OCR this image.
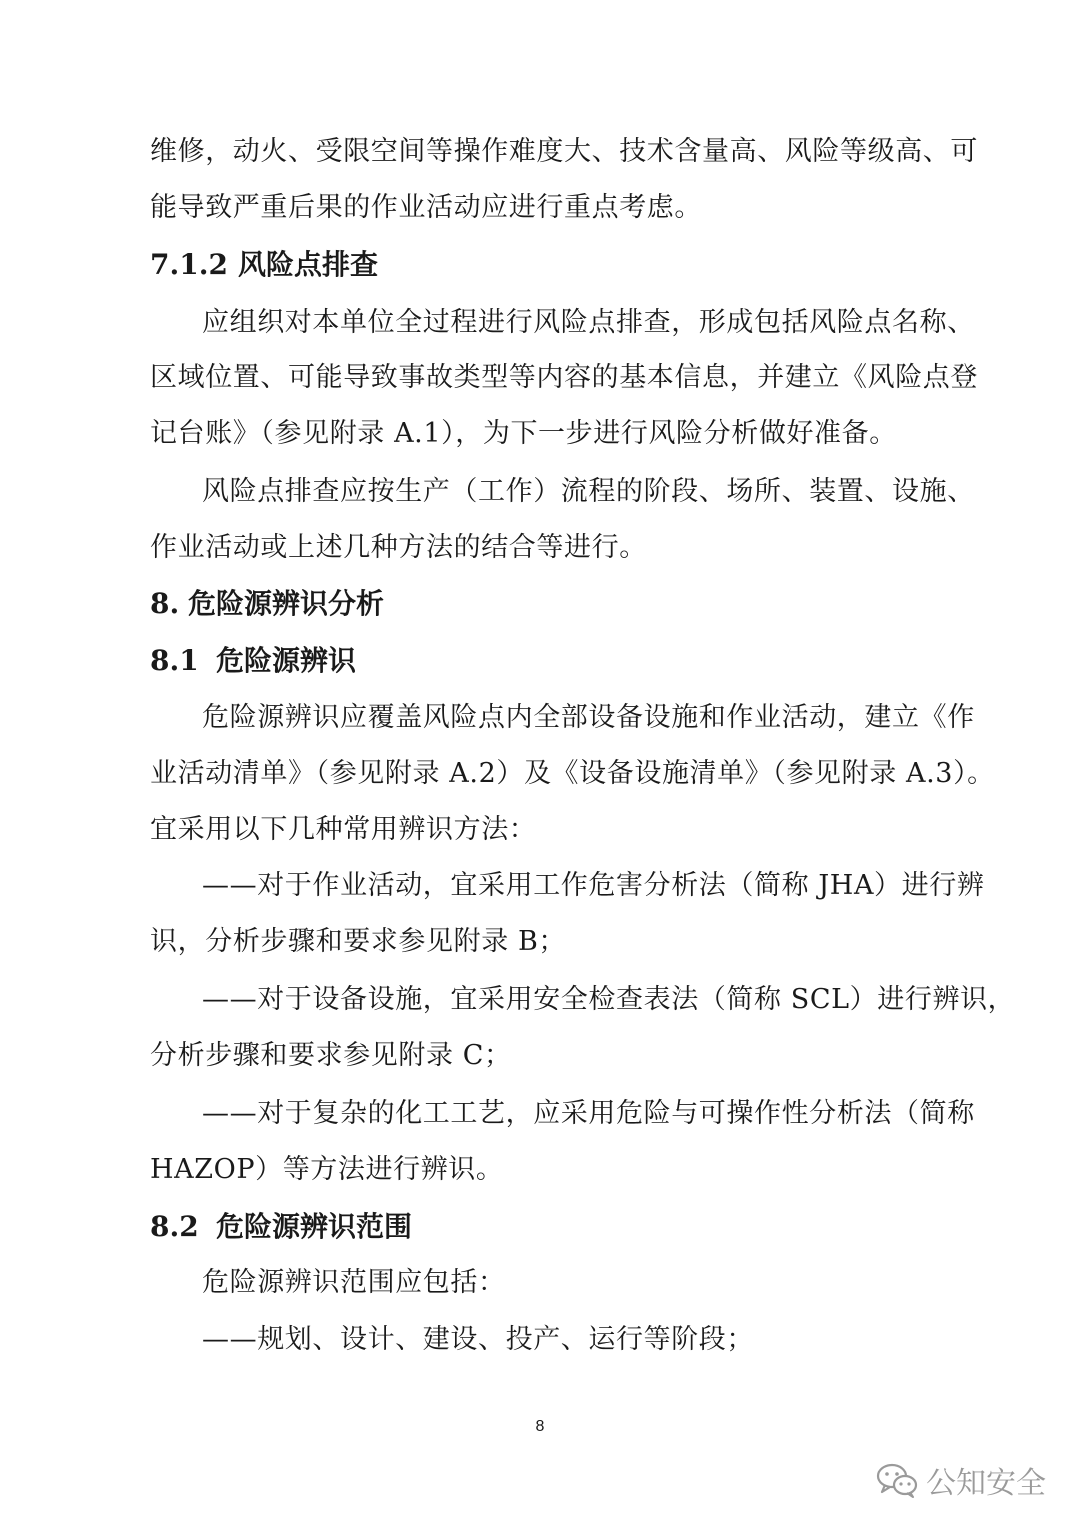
维修，动火、受限空间等操作难度大、技术含量高、风险等级高、可
能导致严重后果的作业活动应进行重点考虑。
7.1.2 风险点排查
应组织对本单位全过程进行风险点排查，形成包括风险点名称、
区域位置、可能导致事故类型等内容的基本信息，并建立《风险点登
记台账》（参见附录 A.1），为下一步进行风险分析做好准备。
风险点排查应按生产（工作）流程的阶段、场所、装置、设施、
作业活动或上述几种方法的结合等进行。
8. 危险源辨识分析
8.1 危险源辨识
危险源辨识应覆盖风险点内全部设备设施和作业活动，建立《作
业活动清单》（参见附录 A.2）及《设备设施清单》（参见附录 A.3）。
宜采用以下几种常用辨识方法：
——对于作业活动，宜采用工作危害分析法（简称 JHA）进行辨
识，分析步骤和要求参见附录 B；
——对于设备设施，宜采用安全检查表法（简称 SCL）进行辨识，
分析步骤和要求参见附录 C；
——对于复杂的化工工艺，应采用危险与可操作性分析法（简称
HAZOP）等方法进行辨识。
8.2 危险源辨识范围
危险源辨识范围应包括：
——规划、设计、建设、投产、运行等阶段；
8
公知安全
